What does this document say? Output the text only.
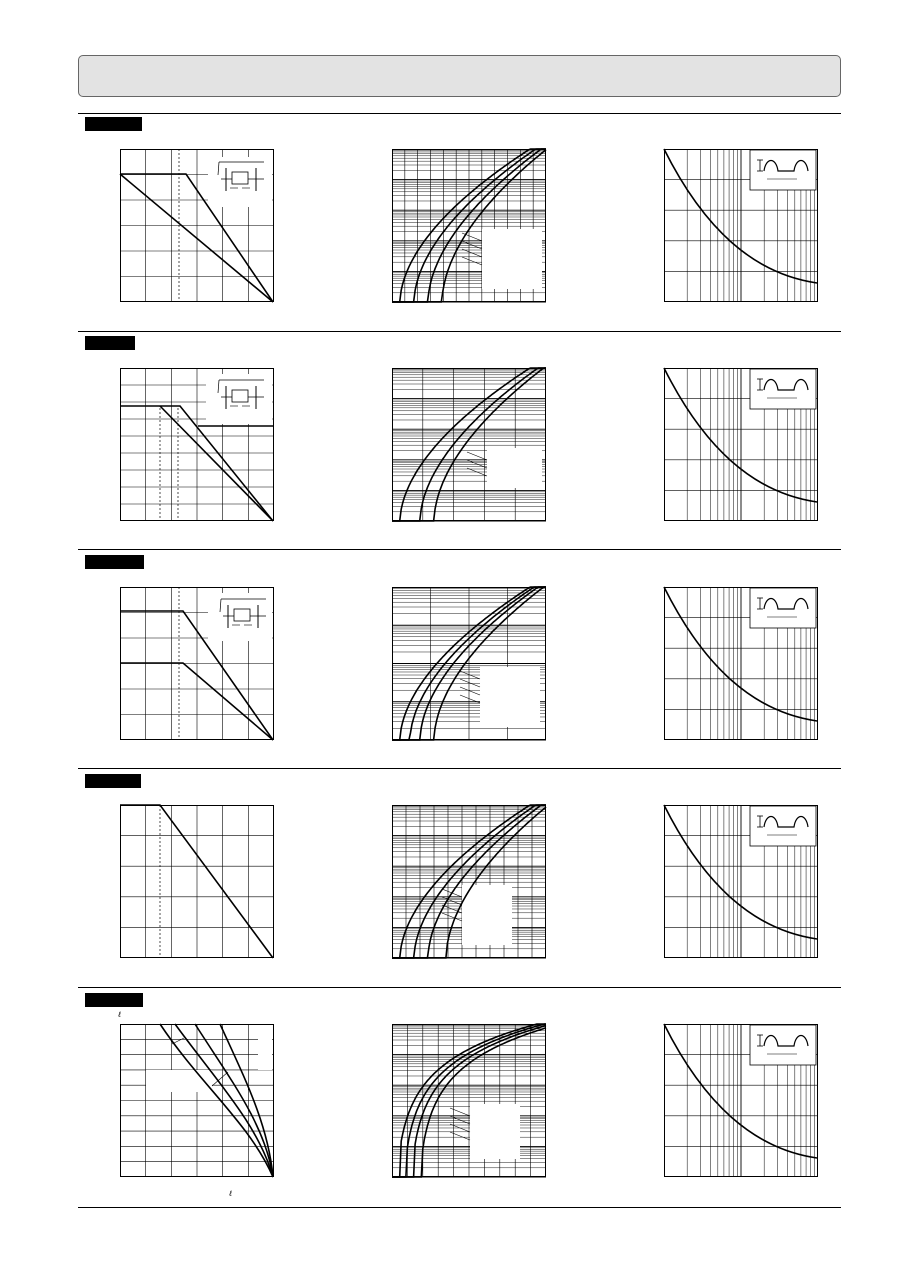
ℓ
ℓ
